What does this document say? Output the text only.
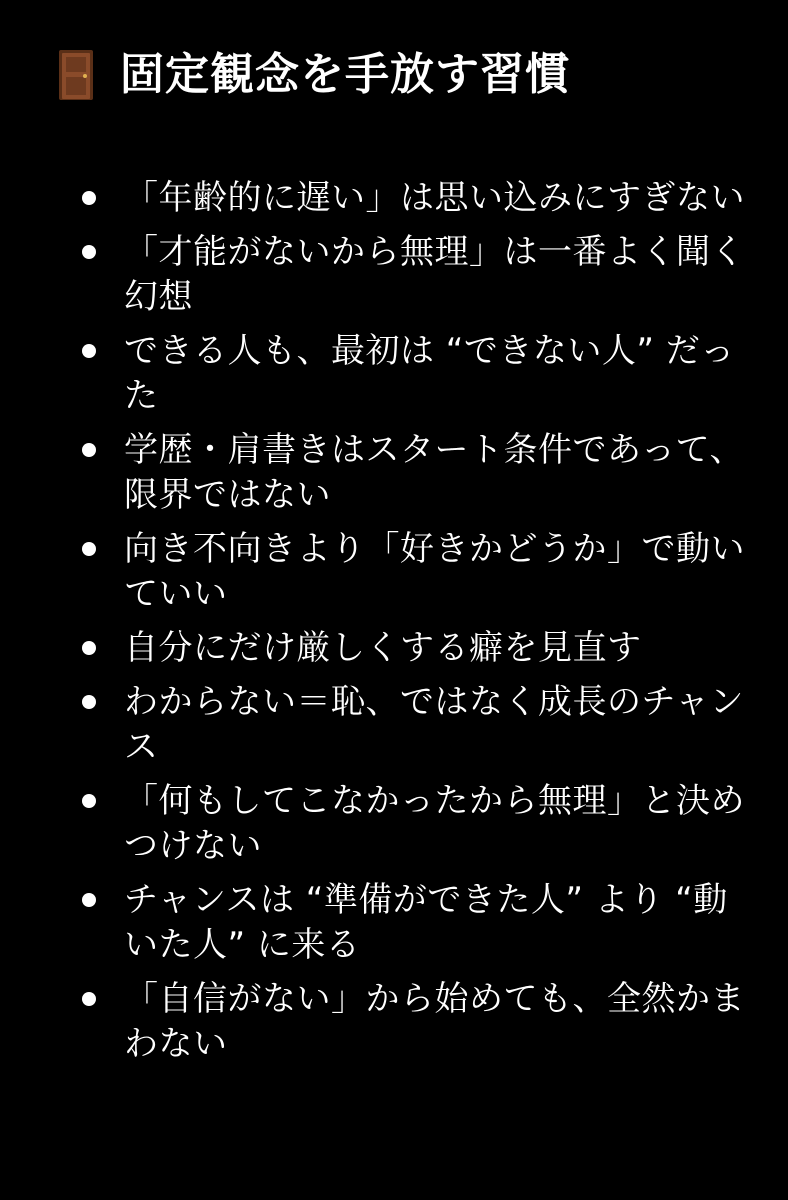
固定観念を手放す習慣
「年齢的に遅い」は思い込みにすぎない
「才能がないから無理」は一番よく聞く幻想
できる人も、最初は “できない人” だった
学歴・肩書きはスタート条件であって、限界ではない
向き不向きより「好きかどうか」で動いていい
自分にだけ厳しくする癖を見直す
わからない＝恥、ではなく成長のチャンス
「何もしてこなかったから無理」と決めつけない
チャンスは “準備ができた人” より “動いた人” に来る
「自信がない」から始めても、全然かまわない
